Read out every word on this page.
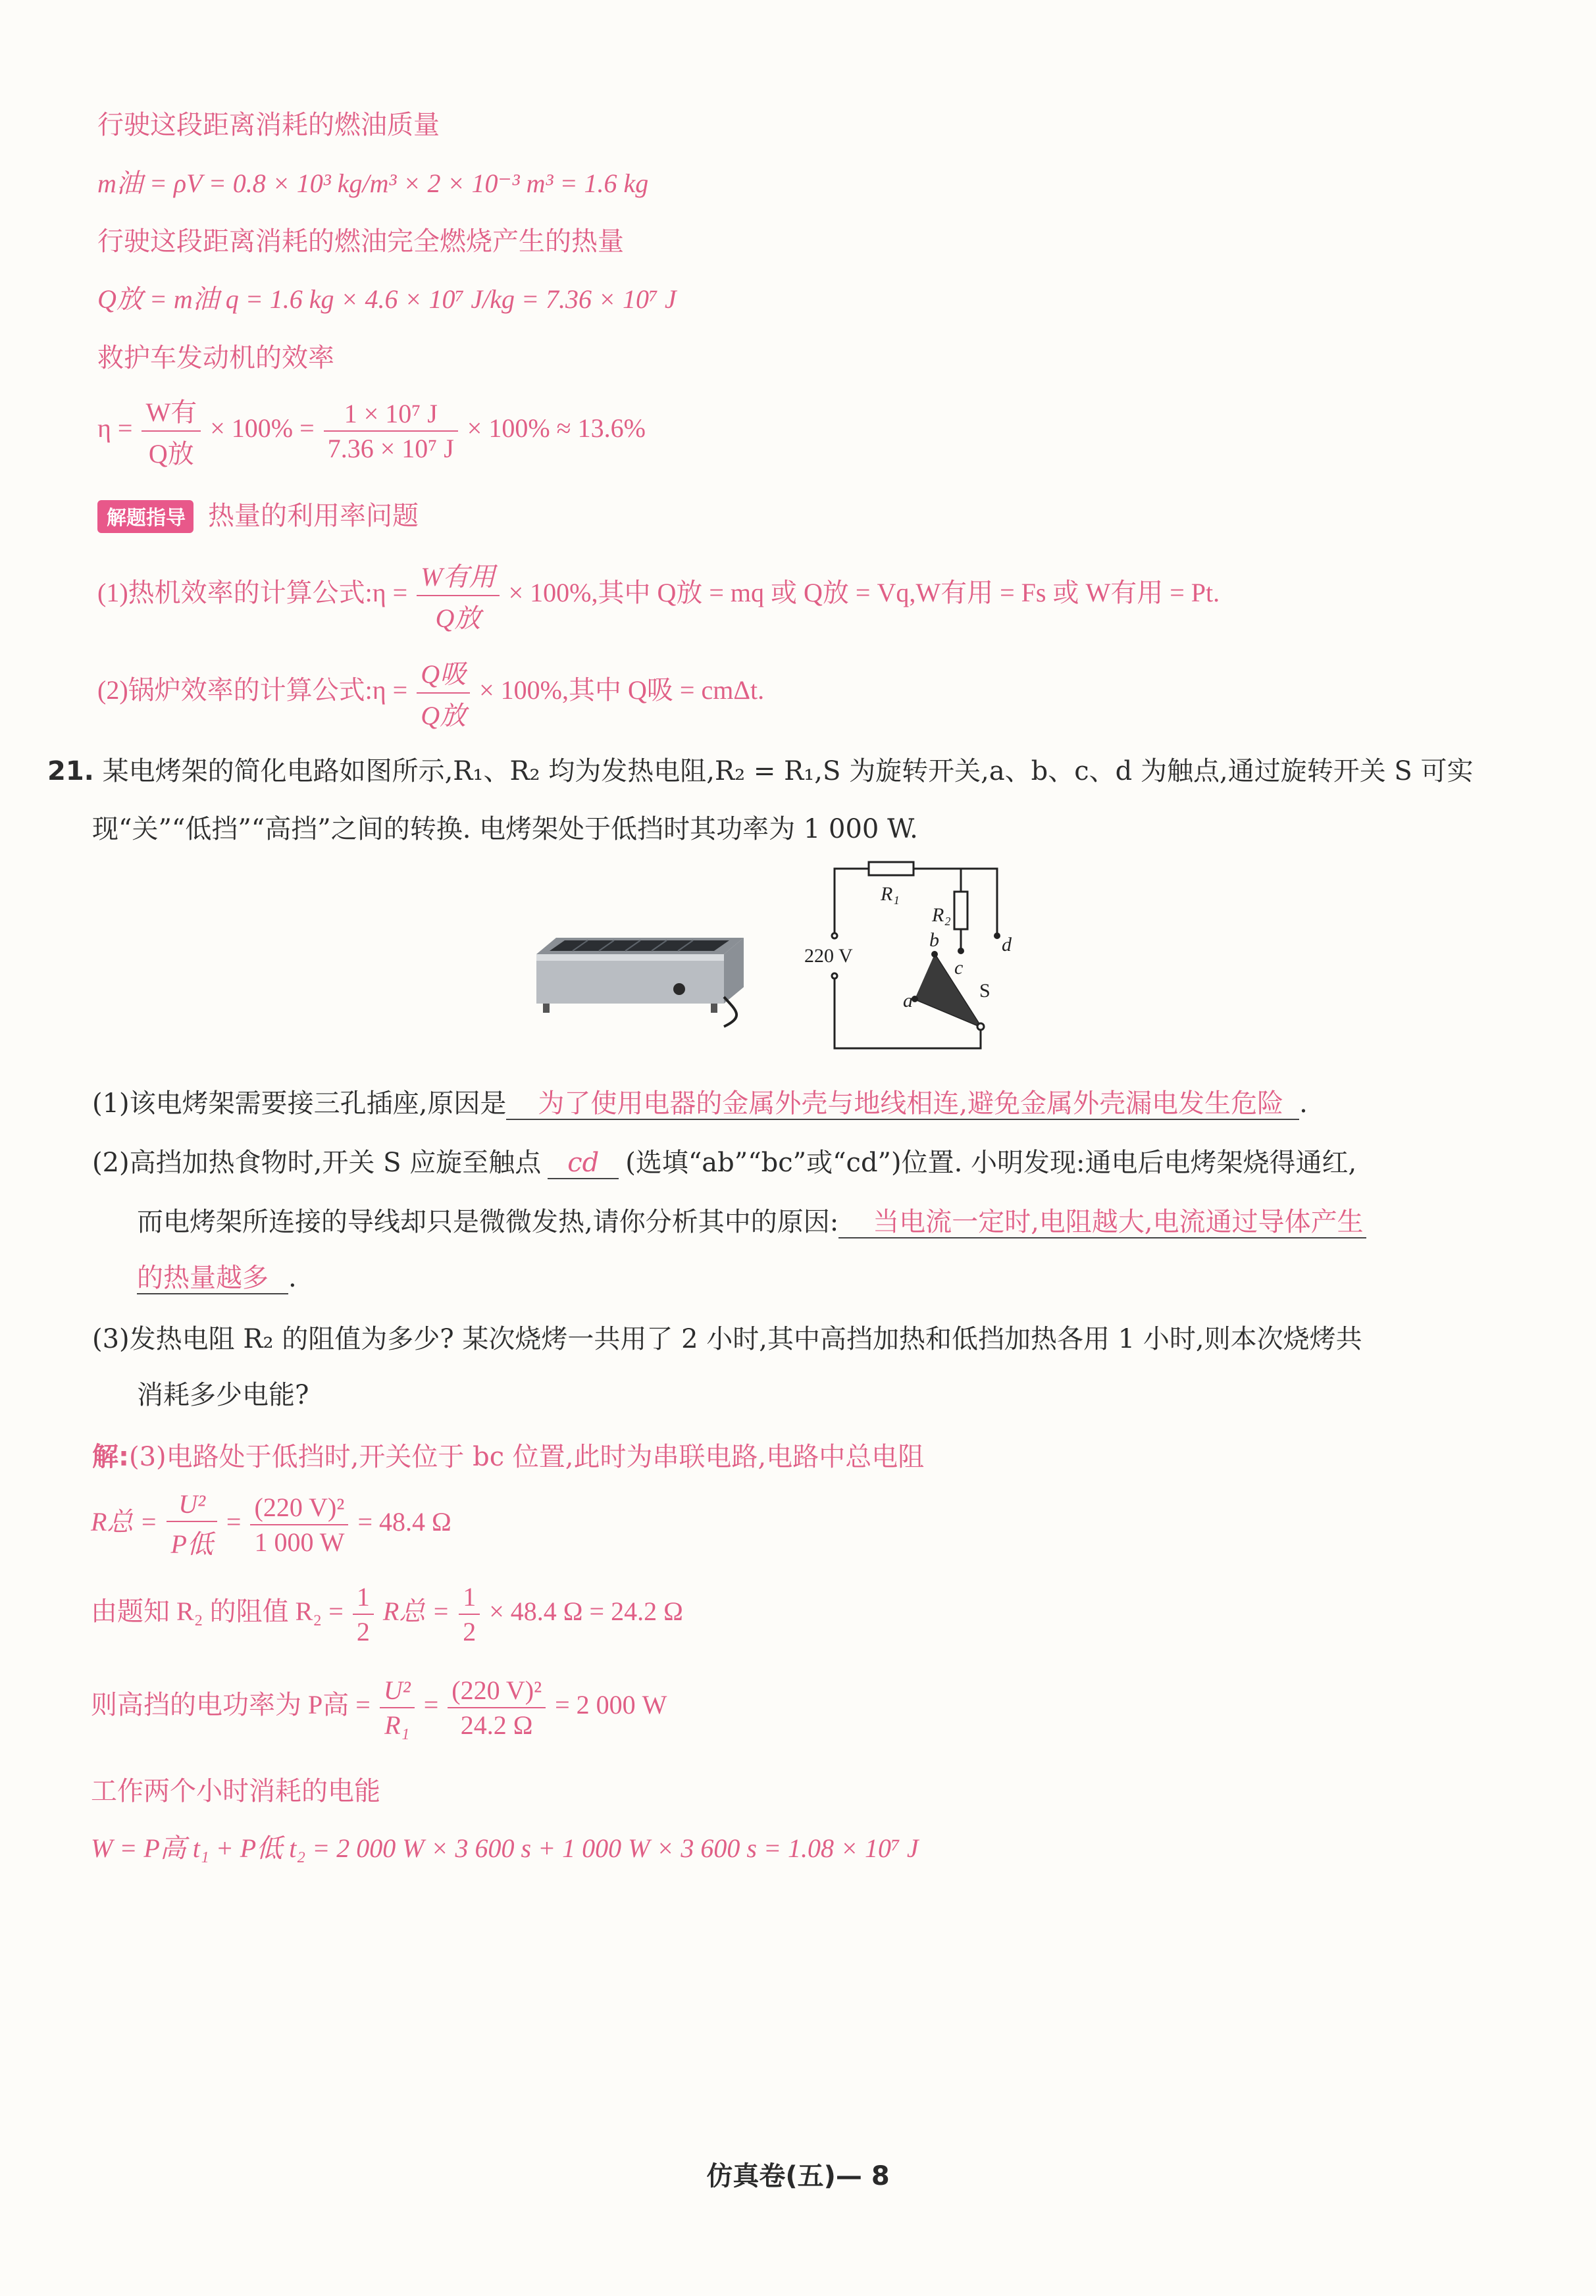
行驶这段距离消耗的燃油质量
m油 = ρV = 0.8 × 10³ kg/m³ × 2 × 10⁻³ m³ = 1.6 kg
行驶这段距离消耗的燃油完全燃烧产生的热量
Q放 = m油 q = 1.6 kg × 4.6 × 10⁷ J/kg = 7.36 × 10⁷ J
救护车发动机的效率
$\eta = \frac{\text{W有}}{\text{Q放}} \times 100\% = \frac{\text{1 × 10⁷ J}}{\text{7.36 × 10⁷ J}} \times 100\% \approx 13.6\%$
解题指导 热量的利用率问题
(1)热机效率的计算公式:η = $\frac{\text{W有用}}{\text{Q放}} \times 100\%$,其中 Q放 = mq 或 Q放 = Vq,W有用 = Fs 或 W有用 = Pt.
(2)锅炉效率的计算公式:η = $\frac{\text{Q吸}}{\text{Q放}} \times 100\%$,其中 Q吸 = cmΔt.
21. 某电烤架的简化电路如图所示,R₁、R₂ 均为发热电阻,R₂ = R₁,S 为旋转开关,a、b、c、d 为触点,通过旋转开关 S 可实
现“关”“低挡”“高挡”之间的转换. 电烤架处于低挡时其功率为 1 000 W.
R₁
R₂
220 V
a
b
c
d
S
(1)该电烤架需要接三孔插座,原因是 为了使用电器的金属外壳与地线相连,避免金属外壳漏电发生危险 .
(2)高挡加热食物时,开关 S 应旋至触点 cd (选填“ab”“bc”或“cd”)位置. 小明发现:通电后电烤架烧得通红,
而电烤架所连接的导线却只是微微发热,请你分析其中的原因: 当电流一定时,电阻越大,电流通过导体产生
的热量越多 .
(3)发热电阻 R₂ 的阻值为多少? 某次烧烤一共用了 2 小时,其中高挡加热和低挡加热各用 1 小时,则本次烧烤共
消耗多少电能?
解:(3)电路处于低挡时,开关位于 bc 位置,此时为串联电路,电路中总电阻
R总 = $\frac{\text{U²}}{\text{P低}} = \frac{\text{(220 V)²}}{1 000 W} = 48.4$ Ω
由题知 R₂ 的阻值 $R_2 = \frac{1}{2}$ R总 = $\frac{1}{2} \times 48.4$ Ω = 24.2 Ω
则高挡的电功率为 P高 = $\frac{\text{U²}}{\text{R₁}} = \frac{\text{(220 V)²}}{24.2 \Omega} = 2$ 000 W
工作两个小时消耗的电能
W = P高 t₁ + P低 t₂ = 2 000 W × 3 600 s + 1 000 W × 3 600 s = 1.08 × 10⁷ J
仿真卷(五)— 8
